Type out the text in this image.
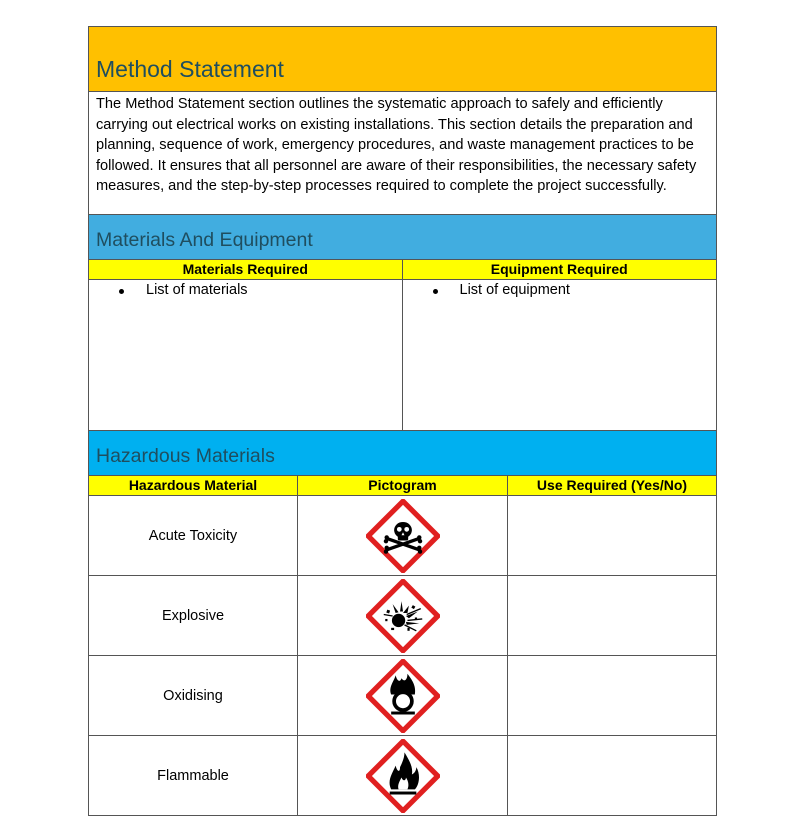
Method Statement
The Method Statement section outlines the systematic approach to safely and efficiently carrying out electrical works on existing installations. This section details the preparation and planning, sequence of work, emergency procedures, and waste management practices to be followed. It ensures that all personnel are aware of their responsibilities, the necessary safety measures, and the step-by-step processes required to complete the project successfully.
Materials And Equipment
Materials Required	Equipment Required
List of materials	List of equipment
Hazardous Materials
Hazardous Material	Pictogram	Use Required (Yes/No)
Acute Toxicity
Explosive
Oxidising
Flammable
